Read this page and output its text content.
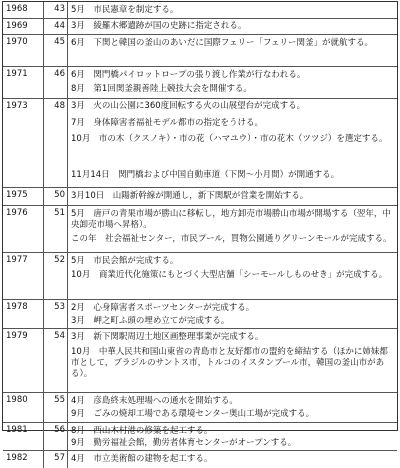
1968	43 5月　市民憲章を制定する。
1969	44 3月　綾羅木郷遺跡が国の史跡に指定される。
1970	45 6月　下関と韓国の釜山のあいだに国際フェリー「フェリー関釜」が就航する。
1971	46 6月　関門橋パイロットロープの張り渡し作業が行なわれる。
8月　第1回関釜親善陸上競技大会を開催する。
1973	48 3月　火の山公園に360度回転する火の山展望台が完成する。
7月　身体障害者福祉モデル都市の指定をうける。
10月　市の木（クスノキ）・市の花（ハマユウ）・市の花木（ツツジ）を選定する。
11月14日　関門橋および中国自動車道（下関～小月間）が開通する。
1975	50 3月10日　山陽新幹線が開通し，新下関駅が営業を開始する。
1976	51 5月　唐戸の青果市場が勝山に移転し，地方卸売市場勝山市場が開場する（翌年，中央卸売市場へ昇格）。
この年　社会福祉センター，市民プール，買物公園通りグリーンモールが完成する。
1977	52 5月　市民会館が完成する。
10月　商業近代化施策にもとづく大型店舗「シーモールしものせき」が完成する。
1978	53 2月　心身障害者スポーツセンターが完成する。
3月　岬之町ふ頭の埋め立てが完成する。
1979	54 3月　新下関駅周辺土地区画整理事業が完成する。
10月　中華人民共和国山東省の青島市と友好都市の盟約を締結する（ほかに姉妹都市として，ブラジルのサントス市，トルコのイスタンブール市，韓国の釜山市がある）。
1980	55 4月　彦島終末処理場への通水を開始する。
9月　ごみの焼却工場である環境センター奥山工場が完成する。
1981	56 8月　西山木村港の修築を起工する。
9月　勤労福祉会館，勤労者体育センターがオープンする。
1982	57 4月　市立美術館の建物を起工する。
